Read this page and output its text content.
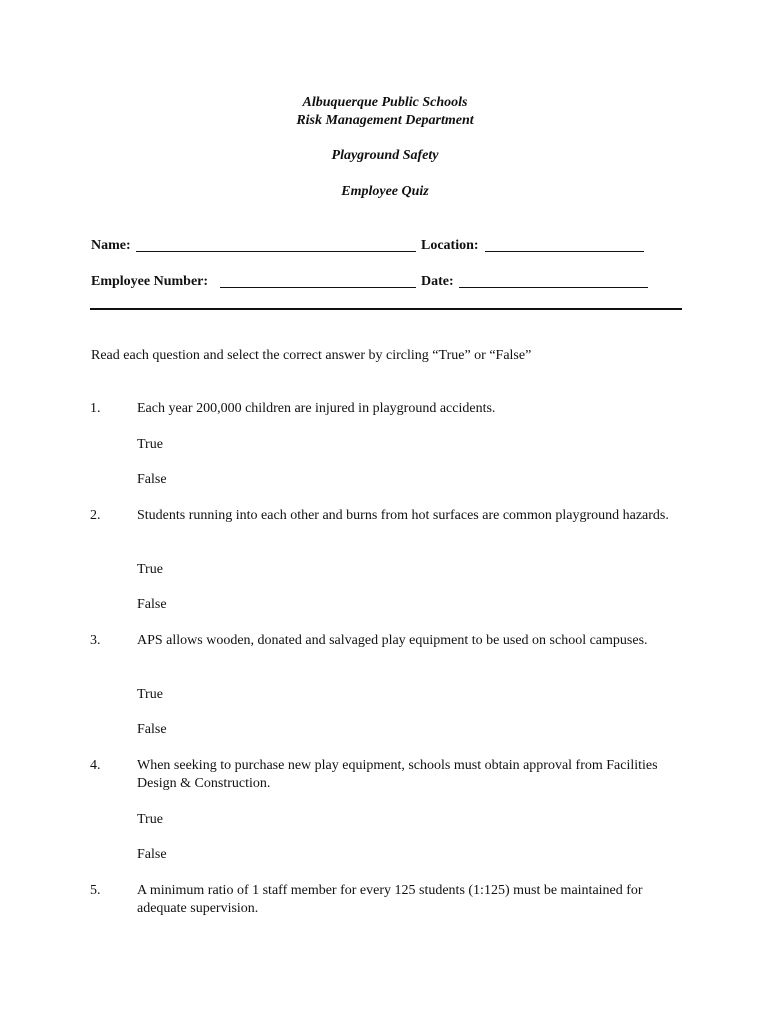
Albuquerque Public Schools
Risk Management Department
Playground Safety
Employee Quiz
Name:	Location:
Employee Number:	Date:
Read each question and select the correct answer by circling “True” or “False”
1.	Each year 200,000 children are injured in playground accidents.
True
False
2.	Students running into each other and burns from hot surfaces are common playground hazards.
True
False
3.	APS allows wooden, donated and salvaged play equipment to be used on school campuses.
True
False
4.	When seeking to purchase new play equipment, schools must obtain approval from Facilities Design & Construction.
True
False
5.	A minimum ratio of 1 staff member for every 125 students (1:125) must be maintained for adequate supervision.
